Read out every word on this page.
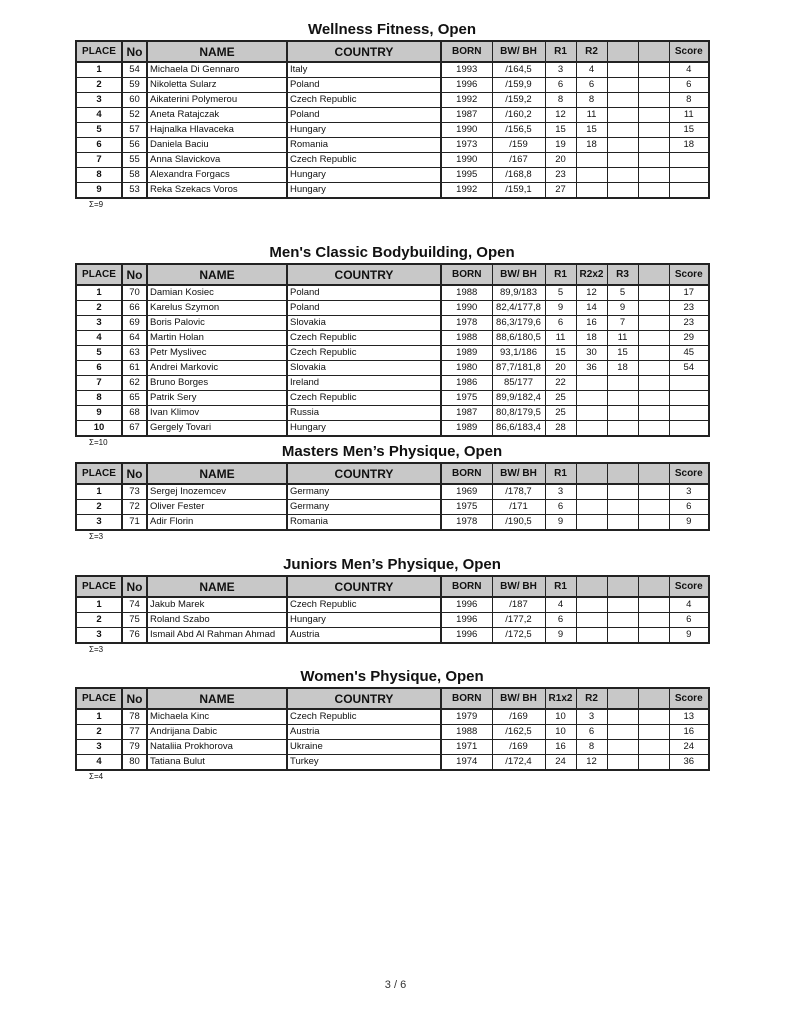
Wellness Fitness, Open
PLACE	No	NAME	COUNTRY	BORN	BW/ BH	R1	R2			Score
1	54	Michaela Di Gennaro	Italy	1993	/164,5	3	4			4
2	59	Nikoletta Sularz	Poland	1996	/159,9	6	6			6
3	60	Aikaterini Polymerou	Czech Republic	1992	/159,2	8	8			8
4	52	Aneta Ratajczak	Poland	1987	/160,2	12	11			11
5	57	Hajnalka Hlavaceka	Hungary	1990	/156,5	15	15			15
6	56	Daniela Baciu	Romania	1973	/159	19	18			18
7	55	Anna Slavickova	Czech Republic	1990	/167	20				
8	58	Alexandra Forgacs	Hungary	1995	/168,8	23				
9	53	Reka Szekacs Voros	Hungary	1992	/159,1	27				
Σ=9
Men's Classic Bodybuilding, Open
PLACE	No	NAME	COUNTRY	BORN	BW/ BH	R1	R2x2	R3		Score
1	70	Damian Kosiec	Poland	1988	89,9/183	5	12	5		17
2	66	Karelus Szymon	Poland	1990	82,4/177,8	9	14	9		23
3	69	Boris Palovic	Slovakia	1978	86,3/179,6	6	16	7		23
4	64	Martin Holan	Czech Republic	1988	88,6/180,5	11	18	11		29
5	63	Petr Myslivec	Czech Republic	1989	93,1/186	15	30	15		45
6	61	Andrei Markovic	Slovakia	1980	87,7/181,8	20	36	18		54
7	62	Bruno Borges	Ireland	1986	85/177	22				
8	65	Patrik Sery	Czech Republic	1975	89,9/182,4	25				
9	68	Ivan Klimov	Russia	1987	80,8/179,5	25				
10	67	Gergely Tovari	Hungary	1989	86,6/183,4	28				
Σ=10
Masters Men’s Physique, Open
PLACE	No	NAME	COUNTRY	BORN	BW/ BH	R1				Score
1	73	Sergej Inozemcev	Germany	1969	/178,7	3				3
2	72	Oliver Fester	Germany	1975	/171	6				6
3	71	Adir Florin	Romania	1978	/190,5	9				9
Σ=3
Juniors Men’s Physique, Open
PLACE	No	NAME	COUNTRY	BORN	BW/ BH	R1				Score
1	74	Jakub Marek	Czech Republic	1996	/187	4				4
2	75	Roland Szabo	Hungary	1996	/177,2	6				6
3	76	Ismail Abd Al Rahman Ahmad	Austria	1996	/172,5	9				9
Σ=3
Women's Physique, Open
PLACE	No	NAME	COUNTRY	BORN	BW/ BH	R1x2	R2			Score
1	78	Michaela Kinc	Czech Republic	1979	/169	10	3			13
2	77	Andrijana Dabic	Austria	1988	/162,5	10	6			16
3	79	Nataliia Prokhorova	Ukraine	1971	/169	16	8			24
4	80	Tatiana Bulut	Turkey	1974	/172,4	24	12			36
Σ=4
3 / 6
